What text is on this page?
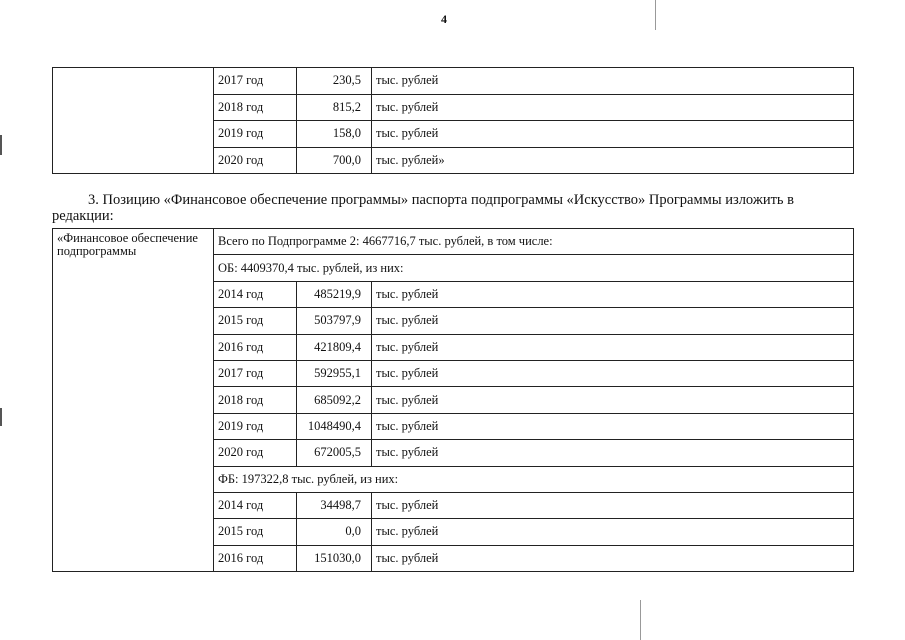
4
	2017 год	230,5	тыс. рублей
	2018 год	815,2	тыс. рублей
	2019 год	158,0	тыс. рублей
	2020 год	700,0	тыс. рублей»
3. Позицию «Финансовое обеспечение программы» паспорта подпрограммы «Искусство» Программы изложить в редакции:
«Финансовое обеспечение подпрограммы	Всего по Подпрограмме 2: 4667716,7 тыс. рублей, в том числе:		
	ОБ: 4409370,4 тыс. рублей, из них:		
	2014 год	485219,9	тыс. рублей
	2015 год	503797,9	тыс. рублей
	2016 год	421809,4	тыс. рублей
	2017 год	592955,1	тыс. рублей
	2018 год	685092,2	тыс. рублей
	2019 год	1048490,4	тыс. рублей
	2020 год	672005,5	тыс. рублей
	ФБ: 197322,8 тыс. рублей, из них:		
	2014 год	34498,7	тыс. рублей
	2015 год	0,0	тыс. рублей
	2016 год	151030,0	тыс. рублей
